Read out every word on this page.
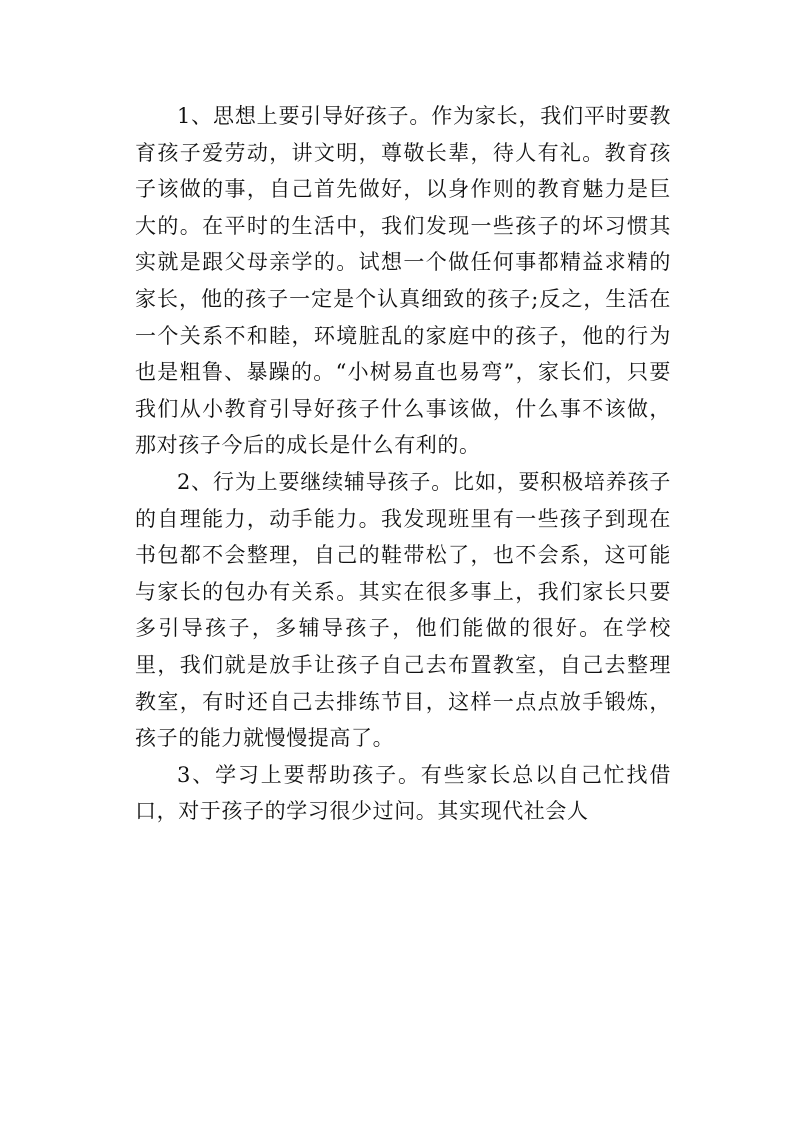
1、思想上要引导好孩子。作为家长，我们平时要教育孩子爱劳动，讲文明，尊敬长辈，待人有礼。教育孩子该做的事，自己首先做好，以身作则的教育魅力是巨大的。在平时的生活中，我们发现一些孩子的坏习惯其实就是跟父母亲学的。试想一个做任何事都精益求精的家长，他的孩子一定是个认真细致的孩子;反之，生活在一个关系不和睦，环境脏乱的家庭中的孩子，他的行为也是粗鲁、暴躁的。“小树易直也易弯”，家长们，只要我们从小教育引导好孩子什么事该做，什么事不该做，那对孩子今后的成长是什么有利的。

2、行为上要继续辅导孩子。比如，要积极培养孩子的自理能力，动手能力。我发现班里有一些孩子到现在书包都不会整理，自己的鞋带松了，也不会系，这可能与家长的包办有关系。其实在很多事上，我们家长只要多引导孩子，多辅导孩子，他们能做的很好。在学校里，我们就是放手让孩子自己去布置教室，自己去整理教室，有时还自己去排练节目，这样一点点放手锻炼，孩子的能力就慢慢提高了。

3、学习上要帮助孩子。有些家长总以自己忙找借口，对于孩子的学习很少过问。其实现代社会人
